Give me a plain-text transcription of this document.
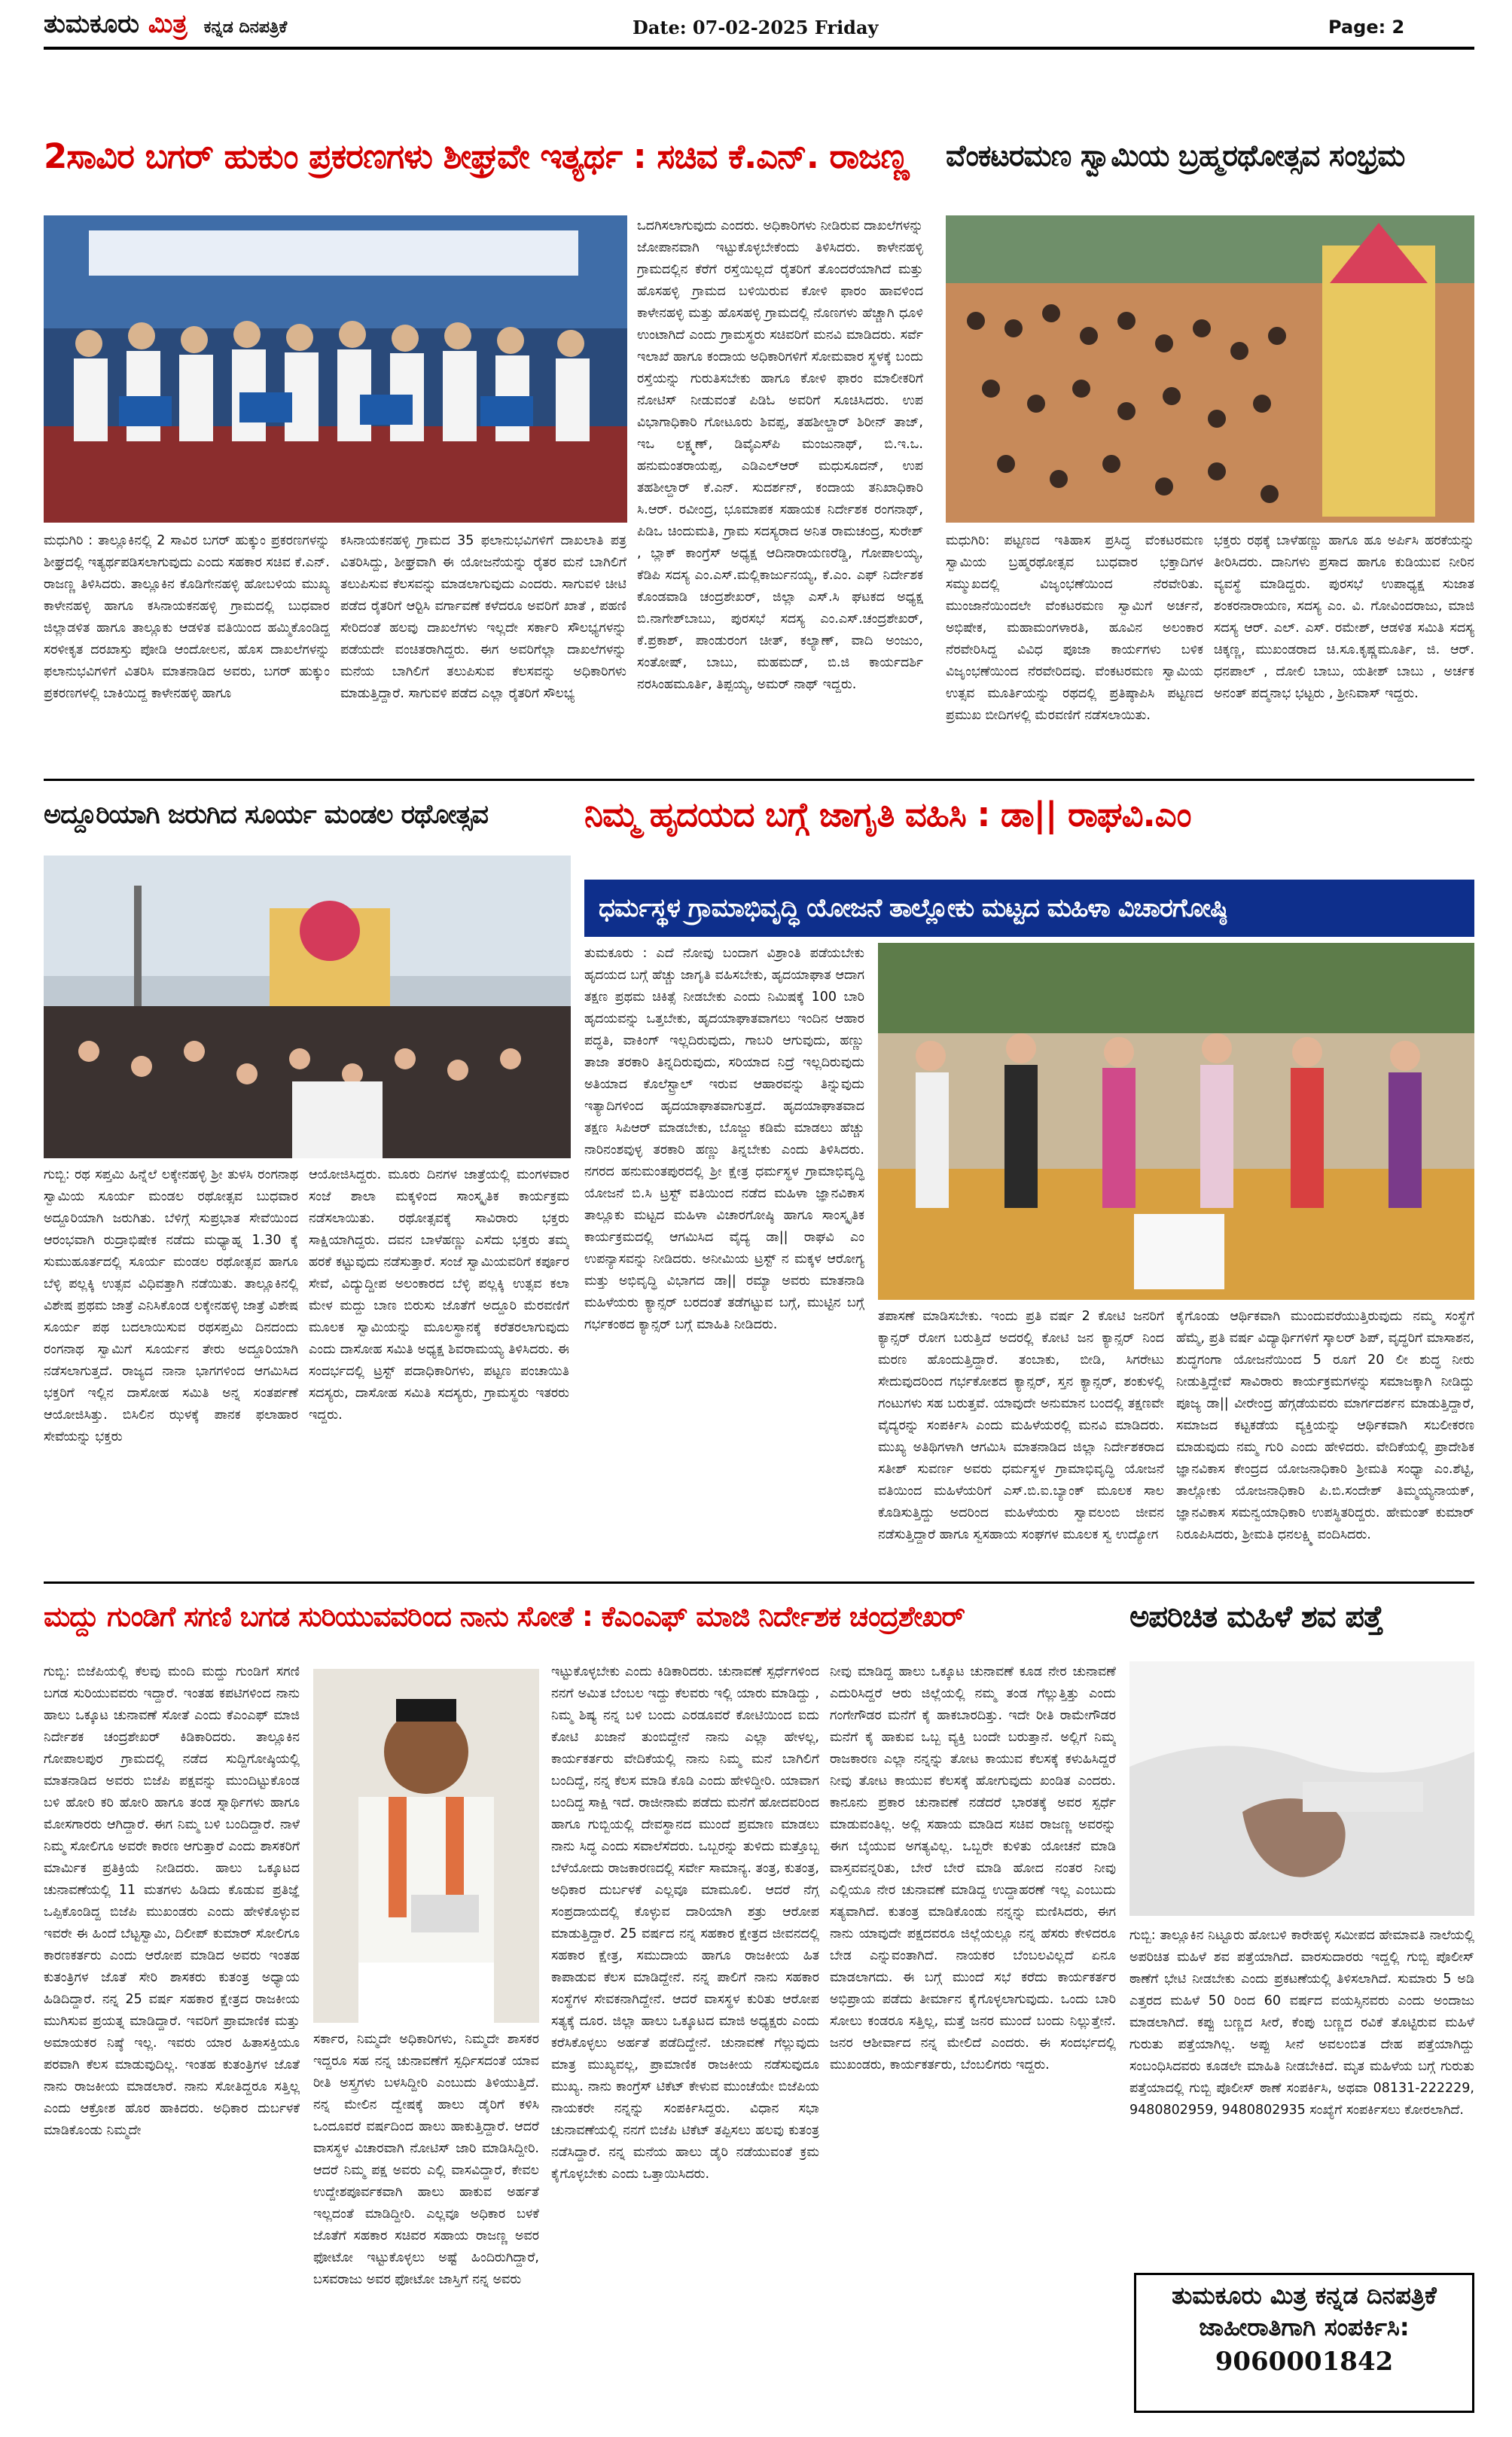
ತುಮಕೂರು ಮಿತ್ರ ಕನ್ನಡ ದಿನಪತ್ರಿಕೆ	Date: 07-02-2025 Friday	Page: 2
2ಸಾವಿರ ಬಗರ್ ಹುಕುಂ ಪ್ರಕರಣಗಳು ಶೀಘ್ರವೇ ಇತ್ಯರ್ಥ : ಸಚಿವ ಕೆ.ಎನ್. ರಾಜಣ್ಣ
ಮಧುಗಿರಿ : ತಾಲ್ಲೂಕಿನಲ್ಲಿ 2 ಸಾವಿರ ಬಗರ್ ಹುಕ್ಕುಂ ಪ್ರಕರಣಗಳನ್ನು ಶೀಘ್ರದಲ್ಲಿ ಇತ್ಯರ್ಥಪಡಿಸಲಾಗುವುದು ಎಂದು ಸಹಕಾರ ಸಚಿವ ಕೆ.ಎನ್. ರಾಜಣ್ಣ ತಿಳಿಸಿದರು. ತಾಲ್ಲೂಕಿನ ಕೊಡಿಗೇನಹಳ್ಳಿ ಹೋಬಳಿಯ ಮುಖ್ಯ ಕಾಳೇನಹಳ್ಳಿ ಹಾಗೂ ಕಸಿನಾಯಕನಹಳ್ಳಿ ಗ್ರಾಮದಲ್ಲಿ ಬುಧವಾರ ಜಿಲ್ಲಾಡಳಿತ ಹಾಗೂ ತಾಲ್ಲೂಕು ಆಡಳಿತ ವತಿಯಿಂದ ಹಮ್ಮಿಕೊಂಡಿದ್ದ ಸರಳೀಕೃತ ದರಖಾಸ್ತು ಪೋಡಿ ಆಂದೋಲನ, ಹೊಸ ದಾಖಲೆಗಳನ್ನು ಫಲಾನುಭವಿಗಳಿಗೆ ವಿತರಿಸಿ ಮಾತನಾಡಿದ ಅವರು, ಬಗರ್ ಹುಕ್ಕುಂ ಪ್ರಕರಣಗಳಲ್ಲಿ ಬಾಕಿಯಿದ್ದ ಕಾಳೇನಹಳ್ಳಿ ಹಾಗೂ
ಕಸಿನಾಯಕನಹಳ್ಳಿ ಗ್ರಾಮದ 35 ಫಲಾನುಭವಿಗಳಿಗೆ ದಾಖಲಾತಿ ಪತ್ರ ವಿತರಿಸಿದ್ದು, ಶೀಘ್ರವಾಗಿ ಈ ಯೋಜನೆಯನ್ನು ರೈತರ ಮನೆ ಬಾಗಿಲಿಗೆ ತಲುಪಿಸುವ ಕೆಲಸವನ್ನು ಮಾಡಲಾಗುವುದು ಎಂದರು. ಸಾಗುವಳಿ ಚೀಟಿ ಪಡೆದ ರೈತರಿಗೆ ಆರ್‍ಟಿಸಿ ವರ್ಗಾವಣೆ ಕಳೆದರೂ ಅವರಿಗೆ ಖಾತೆ , ಪಹಣಿ ಸೇರಿದಂತೆ ಹಲವು ದಾಖಲೆಗಳು ಇಲ್ಲದೇ ಸರ್ಕಾರಿ ಸೌಲಭ್ಯಗಳನ್ನು ಪಡೆಯದೇ ವಂಚಿತರಾಗಿದ್ದರು. ಈಗ ಅವರಿಗೆಲ್ಲಾ ದಾಖಲೆಗಳನ್ನು ಮನೆಯ ಬಾಗಿಲಿಗೆ ತಲುಪಿಸುವ ಕೆಲಸವನ್ನು ಅಧಿಕಾರಿಗಳು ಮಾಡುತ್ತಿದ್ದಾರೆ. ಸಾಗುವಳಿ ಪಡೆದ ಎಲ್ಲಾ ರೈತರಿಗೆ ಸೌಲಭ್ಯ
ಒದಗಿಸಲಾಗುವುದು ಎಂದರು. ಅಧಿಕಾರಿಗಳು ನೀಡಿರುವ ದಾಖಲೆಗಳನ್ನು ಜೋಪಾನವಾಗಿ ಇಟ್ಟುಕೊಳ್ಳಬೇಕೆಂದು ತಿಳಿಸಿದರು. ಕಾಳೇನಹಳ್ಳಿ ಗ್ರಾಮದಲ್ಲಿನ ಕೆರೆಗೆ ರಸ್ತೆಯಿಲ್ಲದೆ ರೈತರಿಗೆ ತೊಂದರೆಯಾಗಿದೆ ಮತ್ತು ಹೊಸಹಳ್ಳಿ ಗ್ರಾಮದ ಬಳಿಯಿರುವ ಕೋಳಿ ಫಾರಂ ಹಾವಳಿಂದ ಕಾಳೇನಹಳ್ಳಿ ಮತ್ತು ಹೊಸಹಳ್ಳಿ ಗ್ರಾಮದಲ್ಲಿ ನೊಣಗಳು ಹೆಚ್ಚಾಗಿ ಧೂಳಿ ಉಂಟಾಗಿದೆ ಎಂದು ಗ್ರಾಮಸ್ಥರು ಸಚಿವರಿಗೆ ಮನವಿ ಮಾಡಿದರು. ಸರ್ವೆ ಇಲಾಖೆ ಹಾಗೂ ಕಂದಾಯ ಅಧಿಕಾರಿಗಳಿಗೆ ಸೋಮವಾರ ಸ್ಥಳಕ್ಕೆ ಬಂದು ರಸ್ತೆಯನ್ನು ಗುರುತಿಸಬೇಕು ಹಾಗೂ ಕೋಳಿ ಫಾರಂ ಮಾಲೀಕರಿಗೆ ನೋಟಿಸ್ ನೀಡುವಂತೆ ಪಿಡಿಓ ಅವರಿಗೆ ಸೂಚಿಸಿದರು. ಉಪ ವಿಭಾಗಾಧಿಕಾರಿ ಗೋಟೂರು ಶಿವಪ್ಪ, ತಹಶೀಲ್ದಾರ್ ಶಿರೀನ್ ತಾಜ್, ಇಒ ಲಕ್ಷ್ಮಣ್, ಡಿವೈಎಸ್‍ಪಿ ಮಂಜುನಾಥ್, ಬಿ.ಇ.ಒ. ಹನುಮಂತರಾಯಪ್ಪ, ಎಡಿಎಲ್‍ಆರ್ ಮಧುಸೂದನ್, ಉಪ ತಹಶೀಲ್ದಾರ್ ಕೆ.ಎನ್. ಸುದರ್ಶನ್, ಕಂದಾಯ ತನಿಖಾಧಿಕಾರಿ ಸಿ.ಆರ್. ರವೀಂದ್ರ, ಭೂಮಾಪಕ ಸಹಾಯಕ ನಿರ್ದೇಶಕ ರಂಗನಾಥ್, ಪಿಡಿಒ ಚಿಂದುಮತಿ, ಗ್ರಾಮ ಸದಸ್ಯರಾದ ಅನಿತ ರಾಮಚಂದ್ರ, ಸುರೇಶ್ , ಬ್ಲಾಕ್ ಕಾಂಗ್ರೆಸ್ ಅಧ್ಯಕ್ಷ ಆದಿನಾರಾಯಣರೆಡ್ಡಿ, ಗೋಪಾಲಯ್ಯ, ಕೆಡಿಪಿ ಸದಸ್ಯ ಎಂ.ಎಸ್.ಮಲ್ಲಿಕಾರ್ಜುನಯ್ಯ, ಕೆ.ಎಂ. ಎಫ್ ನಿರ್ದೇಶಕ ಕೊಂಡವಾಡಿ ಚಂದ್ರಶೇಖರ್, ಜಿಲ್ಲಾ ಎಸ್.ಸಿ ಘಟಕದ ಅಧ್ಯಕ್ಷ ಬಿ.ನಾಗೇಶ್‍ಬಾಬು, ಪುರಸಭೆ ಸದಸ್ಯ ಎಂ.ಎಸ್.ಚಂದ್ರಶೇಖರ್, ಕೆ.ಪ್ರಕಾಶ್, ಪಾಂಡುರಂಗ ಚೀತ್, ಕಲ್ಯಾಣ್, ವಾದಿ ಅಂಜುಂ, ಸಂತೋಷ್, ಬಾಬು, ಮಹಮದ್, ಬಿ.ಜಿ ಕಾರ್ಯದರ್ಶಿ ನರಸಿಂಹಮೂರ್ತಿ, ತಿಪ್ಪಯ್ಯ, ಅಮರ್ ನಾಥ್ ಇದ್ದರು.
ವೆಂಕಟರಮಣ ಸ್ವಾಮಿಯ ಬ್ರಹ್ಮರಥೋತ್ಸವ ಸಂಭ್ರಮ
ಮಧುಗಿರಿ: ಪಟ್ಟಣದ ಇತಿಹಾಸ ಪ್ರಸಿದ್ಧ ವೆಂಕಟರಮಣ ಸ್ವಾಮಿಯ ಬ್ರಹ್ಮರಥೋತ್ಸವ ಬುಧವಾರ ಭಕ್ತಾದಿಗಳ ಸಮ್ಮುಖದಲ್ಲಿ ವಿಜೃಂಭಣೆಯಿಂದ ನೆರವೇರಿತು. ಮುಂಜಾನೆಯಿಂದಲೇ ವೆಂಕಟರಮಣ ಸ್ವಾಮಿಗೆ ಅರ್ಚನೆ, ಅಭಿಷೇಕ, ಮಹಾಮಂಗಳಾರತಿ, ಹೂವಿನ ಅಲಂಕಾರ ನೆರವೇರಿಸಿದ್ದ ವಿವಿಧ ಪೂಜಾ ಕಾರ್ಯಗಳು ಬಳಿಕ ವಿಜೃಂಭಣೆಯಿಂದ ನೆರವೇರಿದವು. ವೆಂಕಟರಮಣ ಸ್ವಾಮಿಯ ಉತ್ಸವ ಮೂರ್ತಿಯನ್ನು ರಥದಲ್ಲಿ ಪ್ರತಿಷ್ಠಾಪಿಸಿ ಪಟ್ಟಣದ ಪ್ರಮುಖ ಬೀದಿಗಳಲ್ಲಿ ಮೆರವಣಿಗೆ ನಡೆಸಲಾಯಿತು.
ಭಕ್ತರು ರಥಕ್ಕೆ ಬಾಳೆಹಣ್ಣು ಹಾಗೂ ಹೂ ಅರ್ಪಿಸಿ ಹರಕೆಯನ್ನು ತೀರಿಸಿದರು. ದಾನಿಗಳು ಪ್ರಸಾದ ಹಾಗೂ ಕುಡಿಯುವ ನೀರಿನ ವ್ಯವಸ್ಥೆ ಮಾಡಿದ್ದರು. ಪುರಸಭೆ ಉಪಾಧ್ಯಕ್ಷ ಸುಜಾತ ಶಂಕರನಾರಾಯಣ, ಸದಸ್ಯ ಎಂ. ವಿ. ಗೋವಿಂದರಾಜು, ಮಾಜಿ ಸದಸ್ಯ ಆರ್. ಎಲ್. ಎಸ್. ರಮೇಶ್, ಆಡಳಿತ ಸಮಿತಿ ಸದಸ್ಯ ಚಿಕ್ಕಣ್ಣ, ಮುಖಂಡರಾದ ಚಿ.ಸೂ.ಕೃಷ್ಣಮೂರ್ತಿ, ಜಿ. ಆರ್. ಧನಪಾಲ್ , ದೋಲಿ ಬಾಬು, ಯತೀಶ್ ಬಾಬು , ಅರ್ಚಕ ಅನಂತ್ ಪದ್ಮನಾಭ ಭಟ್ಟರು , ಶ್ರೀನಿವಾಸ್ ಇದ್ದರು.
ಅದ್ದೂರಿಯಾಗಿ ಜರುಗಿದ ಸೂರ್ಯ ಮಂಡಲ ರಥೋತ್ಸವ
ಗುಬ್ಬಿ: ರಥ ಸಪ್ತಮಿ ಹಿನ್ನೆಲೆ ಲಕ್ಕೇನಹಳ್ಳಿ ಶ್ರೀ ತುಳಸಿ ರಂಗನಾಥ ಸ್ವಾಮಿಯ ಸೂರ್ಯ ಮಂಡಲ ರಥೋತ್ಸವ ಬುಧವಾರ ಅದ್ದೂರಿಯಾಗಿ ಜರುಗಿತು. ಬೆಳಿಗ್ಗೆ ಸುಪ್ರಭಾತ ಸೇವೆಯಿಂದ ಆರಂಭವಾಗಿ ರುದ್ರಾಭಿಷೇಕ ನಡೆದು ಮಧ್ಯಾಹ್ನ 1.30 ಕ್ಕೆ ಸುಮುಹೂರ್ತದಲ್ಲಿ ಸೂರ್ಯ ಮಂಡಲ ರಥೋತ್ಸವ ಹಾಗೂ ಬೆಳ್ಳಿ ಪಲ್ಲಕ್ಕಿ ಉತ್ಸವ ವಿಧಿವತ್ತಾಗಿ ನಡೆಯಿತು. ತಾಲ್ಲೂಕಿನಲ್ಲಿ ವಿಶೇಷ ಪ್ರಥಮ ಜಾತ್ರೆ ಎನಿಸಿಕೊಂಡ ಲಕ್ಕೇನಹಳ್ಳಿ ಜಾತ್ರೆ ವಿಶೇಷ ಸೂರ್ಯ ಪಥ ಬದಲಾಯಿಸುವ ರಥಸಪ್ತಮಿ ದಿನದಂದು ರಂಗನಾಥ ಸ್ವಾಮಿಗೆ ಸೂರ್ಯನ ತೇರು ಅದ್ದೂರಿಯಾಗಿ ನಡೆಸಲಾಗುತ್ತದೆ. ರಾಜ್ಯದ ನಾನಾ ಭಾಗಗಳಿಂದ ಆಗಮಿಸಿದ ಭಕ್ತರಿಗೆ ಇಲ್ಲಿನ ದಾಸೋಹ ಸಮಿತಿ ಅನ್ನ ಸಂತರ್ಪಣೆ ಆಯೋಜಿಸಿತ್ತು. ಬಿಸಿಲಿನ ಝಳಕ್ಕೆ ಪಾನಕ ಫಲಾಹಾರ ಸೇವೆಯನ್ನು ಭಕ್ತರು
ಆಯೋಜಿಸಿದ್ದರು. ಮೂರು ದಿನಗಳ ಜಾತ್ರೆಯಲ್ಲಿ ಮಂಗಳವಾರ ಸಂಜೆ ಶಾಲಾ ಮಕ್ಕಳಿಂದ ಸಾಂಸ್ಕೃತಿಕ ಕಾರ್ಯಕ್ರಮ ನಡೆಸಲಾಯಿತು. ರಥೋತ್ಸವಕ್ಕೆ ಸಾವಿರಾರು ಭಕ್ತರು ಸಾಕ್ಷಿಯಾಗಿದ್ದರು. ದವನ ಬಾಳೆಹಣ್ಣು ಎಸೆದು ಭಕ್ತರು ತಮ್ಮ ಹರಕೆ ಕಟ್ಟುವುದು ನಡೆಸುತ್ತಾರೆ. ಸಂಜೆ ಸ್ವಾಮಿಯವರಿಗೆ ಕರ್ಪೂರ ಸೇವೆ, ವಿದ್ಯುದ್ದೀಪ ಅಲಂಕಾರದ ಬೆಳ್ಳಿ ಪಲ್ಲಕ್ಕಿ ಉತ್ಸವ ಕಲಾ ಮೇಳ ಮದ್ದು ಬಾಣ ಬಿರುಸು ಜೊತೆಗೆ ಅದ್ದೂರಿ ಮೆರವಣಿಗೆ ಮೂಲಕ ಸ್ವಾಮಿಯನ್ನು ಮೂಲಸ್ಥಾನಕ್ಕೆ ಕರೆತರಲಾಗುವುದು ಎಂದು ದಾಸೋಹ ಸಮಿತಿ ಅಧ್ಯಕ್ಷ ಶಿವರಾಮಯ್ಯ ತಿಳಿಸಿದರು. ಈ ಸಂದರ್ಭದಲ್ಲಿ ಟ್ರಸ್ಟ್ ಪದಾಧಿಕಾರಿಗಳು, ಪಟ್ಟಣ ಪಂಚಾಯಿತಿ ಸದಸ್ಯರು, ದಾಸೋಹ ಸಮಿತಿ ಸದಸ್ಯರು, ಗ್ರಾಮಸ್ಥರು ಇತರರು ಇದ್ದರು.
ನಿಮ್ಮ ಹೃದಯದ ಬಗ್ಗೆ ಜಾಗೃತಿ ವಹಿಸಿ : ಡಾ|| ರಾಘವಿ.ಎಂ
ಧರ್ಮಸ್ಥಳ ಗ್ರಾಮಾಭಿವೃದ್ಧಿ ಯೋಜನೆ ತಾಲ್ಲೋಕು ಮಟ್ಟದ ಮಹಿಳಾ ವಿಚಾರಗೋಷ್ಠಿ
ತುಮಕೂರು : ಎದೆ ನೋವು ಬಂದಾಗ ವಿಶ್ರಾಂತಿ ಪಡೆಯಬೇಕು ಹೃದಯದ ಬಗ್ಗೆ ಹೆಚ್ಚು ಜಾಗೃತಿ ವಹಿಸಬೇಕು, ಹೃದಯಾಘಾತ ಆದಾಗ ತಕ್ಷಣ ಪ್ರಥಮ ಚಿಕಿತ್ಸೆ ನೀಡಬೇಕು ಎಂದು ನಿಮಿಷಕ್ಕೆ 100 ಬಾರಿ ಹೃದಯವನ್ನು ಒತ್ತಬೇಕು, ಹೃದಯಾಘಾತವಾಗಲು ಇಂದಿನ ಆಹಾರ ಪದ್ಧತಿ, ವಾಕಿಂಗ್ ಇಲ್ಲದಿರುವುದು, ಗಾಬರಿ ಆಗುವುದು, ಹಣ್ಣು ತಾಜಾ ತರಕಾರಿ ತಿನ್ನದಿರುವುದು, ಸರಿಯಾದ ನಿದ್ರೆ ಇಲ್ಲದಿರುವುದು ಅತಿಯಾದ ಕೊಲೆಸ್ಟ್ರಾಲ್ ಇರುವ ಆಹಾರವನ್ನು ತಿನ್ನುವುದು ಇತ್ಯಾದಿಗಳಿಂದ ಹೃದಯಾಘಾತವಾಗುತ್ತದೆ. ಹೃದಯಾಘಾತವಾದ ತಕ್ಷಣ ಸಿಪಿಆರ್ ಮಾಡಬೇಕು, ಬೊಜ್ಜು ಕಡಿಮೆ ಮಾಡಲು ಹೆಚ್ಚು ನಾರಿನಂಶವುಳ್ಳ ತರಕಾರಿ ಹಣ್ಣು ತಿನ್ನಬೇಕು ಎಂದು ತಿಳಿಸಿದರು. ನಗರದ ಹನುಮಂತಪುರದಲ್ಲಿ ಶ್ರೀ ಕ್ಷೇತ್ರ ಧರ್ಮಸ್ಥಳ ಗ್ರಾಮಾಭಿವೃದ್ಧಿ ಯೋಜನೆ ಬಿ.ಸಿ ಟ್ರಸ್ಟ್ ವತಿಯಿಂದ ನಡೆದ ಮಹಿಳಾ ಜ್ಞಾನವಿಕಾಸ ತಾಲ್ಲೂಕು ಮಟ್ಟದ ಮಹಿಳಾ ವಿಚಾರಗೋಷ್ಠಿ ಹಾಗೂ ಸಾಂಸ್ಕೃತಿಕ ಕಾರ್ಯಕ್ರಮದಲ್ಲಿ ಆಗಮಿಸಿದ ವೈದ್ಯ ಡಾ|| ರಾಘವಿ ಎಂ ಉಪನ್ಯಾಸವನ್ನು ನೀಡಿದರು. ಅನೀಮಿಯ ಟ್ರಸ್ಟ್ ನ ಮಕ್ಕಳ ಆರೋಗ್ಯ ಮತ್ತು ಅಭಿವೃದ್ಧಿ ವಿಭಾಗದ ಡಾ|| ರಮ್ಯಾ ಅವರು ಮಾತನಾಡಿ ಮಹಿಳೆಯರು ಕ್ಯಾನ್ಸರ್ ಬರದಂತೆ ತಡೆಗಟ್ಟುವ ಬಗ್ಗೆ, ಮುಟ್ಟಿನ ಬಗ್ಗೆ ಗರ್ಭಕಂಠದ ಕ್ಯಾನ್ಸರ್ ಬಗ್ಗೆ ಮಾಹಿತಿ ನೀಡಿದರು.
ತಪಾಸಣೆ ಮಾಡಿಸಬೇಕು. ಇಂದು ಪ್ರತಿ ವರ್ಷ 2 ಕೋಟಿ ಜನರಿಗೆ ಕ್ಯಾನ್ಸರ್ ರೋಗ ಬರುತ್ತಿದೆ ಅದರಲ್ಲಿ ಕೋಟಿ ಜನ ಕ್ಯಾನ್ಸರ್ ನಿಂದ ಮರಣ ಹೊಂದುತ್ತಿದ್ದಾರೆ. ತಂಬಾಕು, ಬೀಡಿ, ಸಿಗರೇಟು ಸೇದುವುದರಿಂದ ಗರ್ಭಕೋಶದ ಕ್ಯಾನ್ಸರ್, ಸ್ತನ ಕ್ಯಾನ್ಸರ್, ಶಂಕುಳಲ್ಲಿ ಗಂಟುಗಳು ಸಹ ಬರುತ್ತವೆ. ಯಾವುದೇ ಅನುಮಾನ ಬಂದಲ್ಲಿ ತಕ್ಷಣವೇ ವೈದ್ಯರನ್ನು ಸಂಪರ್ಕಿಸಿ ಎಂದು ಮಹಿಳೆಯರಲ್ಲಿ ಮನವಿ ಮಾಡಿದರು. ಮುಖ್ಯ ಅತಿಥಿಗಳಾಗಿ ಆಗಮಿಸಿ ಮಾತನಾಡಿದ ಜಿಲ್ಲಾ ನಿರ್ದೇಶಕರಾದ ಸತೀಶ್ ಸುವರ್ಣ ಅವರು ಧರ್ಮಸ್ಥಳ ಗ್ರಾಮಾಭಿವೃದ್ಧಿ ಯೋಜನೆ ವತಿಯಿಂದ ಮಹಿಳೆಯರಿಗೆ ಎಸ್.ಬಿ.ಐ.ಬ್ಯಾಂಕ್ ಮೂಲಕ ಸಾಲ ಕೊಡಿಸುತ್ತಿದ್ದು ಅದರಿಂದ ಮಹಿಳೆಯರು ಸ್ವಾವಲಂಬಿ ಜೀವನ ನಡೆಸುತ್ತಿದ್ದಾರೆ ಹಾಗೂ ಸ್ವಸಹಾಯ ಸಂಘಗಳ ಮೂಲಕ ಸ್ವ ಉದ್ಯೋಗ
ಕೈಗೊಂಡು ಆರ್ಥಿಕವಾಗಿ ಮುಂದುವರೆಯುತ್ತಿರುವುದು ನಮ್ಮ ಸಂಸ್ಥೆಗೆ ಹೆಮ್ಮೆ, ಪ್ರತಿ ವರ್ಷ ವಿದ್ಯಾರ್ಥಿಗಳಿಗೆ ಸ್ಕಾಲರ್ ಶಿಪ್, ವೃದ್ಧರಿಗೆ ಮಾಸಾಶನ, ಶುದ್ಧಗಂಗಾ ಯೋಜನೆಯಿಂದ 5 ರೂಗೆ 20 ಲೀ ಶುದ್ಧ ನೀರು ನೀಡುತ್ತಿದ್ದೇವೆ ಸಾವಿರಾರು ಕಾರ್ಯಕ್ರಮಗಳನ್ನು ಸಮಾಜಕ್ಕಾಗಿ ನೀಡಿದ್ದು ಪೂಜ್ಯ ಡಾ|| ವೀರೇಂದ್ರ ಹೆಗ್ಗಡೆಯವರು ಮಾರ್ಗದರ್ಶನ ಮಾಡುತ್ತಿದ್ದಾರೆ, ಸಮಾಜದ ಕಟ್ಟಕಡೆಯ ವ್ಯಕ್ತಿಯನ್ನು ಆರ್ಥಿಕವಾಗಿ ಸಬಲೀಕರಣ ಮಾಡುವುದು ನಮ್ಮ ಗುರಿ ಎಂದು ಹೇಳಿದರು. ವೇದಿಕೆಯಲ್ಲಿ ಪ್ರಾದೇಶಿಕ ಜ್ಞಾನವಿಕಾಸ ಕೇಂದ್ರದ ಯೋಜನಾಧಿಕಾರಿ ಶ್ರೀಮತಿ ಸಂಧ್ಯಾ ಎಂ.ಶೆಟ್ಟಿ, ತಾಲ್ಲೋಕು ಯೋಜನಾಧಿಕಾರಿ ಪಿ.ಬಿ.ಸಂದೇಶ್ ತಿಮ್ಮಯ್ಯನಾಯಕ್, ಜ್ಞಾನವಿಕಾಸ ಸಮನ್ವಯಾಧಿಕಾರಿ ಉಪಸ್ಥಿತರಿದ್ದರು. ಹೇಮಂತ್ ಕುಮಾರ್ ನಿರೂಪಿಸಿದರು, ಶ್ರೀಮತಿ ಧನಲಕ್ಷ್ಮಿ ವಂದಿಸಿದರು.
ಮದ್ದು ಗುಂಡಿಗೆ ಸಗಣಿ ಬಗಡ ಸುರಿಯುವವರಿಂದ ನಾನು ಸೋತೆ : ಕೆಎಂಎಫ್ ಮಾಜಿ ನಿರ್ದೇಶಕ ಚಂದ್ರಶೇಖರ್
ಗುಬ್ಬಿ: ಬಿಜೆಪಿಯಲ್ಲಿ ಕೆಲವು ಮಂದಿ ಮದ್ದು ಗುಂಡಿಗೆ ಸಗಣಿ ಬಗಡ ಸುರಿಯುವವರು ಇದ್ದಾರೆ. ಇಂತಹ ಕಪಟಿಗಳಿಂದ ನಾನು ಹಾಲು ಒಕ್ಕೂಟ ಚುನಾವಣೆ ಸೋತೆ ಎಂದು ಕೆಎಂಎಫ್ ಮಾಜಿ ನಿರ್ದೇಶಕ ಚಂದ್ರಶೇಖರ್ ಕಿಡಿಕಾರಿದರು. ತಾಲ್ಲೂಕಿನ ಗೋಪಾಲಪುರ ಗ್ರಾಮದಲ್ಲಿ ನಡೆದ ಸುದ್ದಿಗೋಷ್ಠಿಯಲ್ಲಿ ಮಾತನಾಡಿದ ಅವರು ಬಿಜೆಪಿ ಪಕ್ಷವನ್ನು ಮುಂದಿಟ್ಟುಕೊಂಡ ಬಳಿ ಹೋರಿ ಕರಿ ಹೋರಿ ಹಾಗೂ ತಂಡ ಸ್ನಾರ್ಥಿಗಳು ಹಾಗೂ ಮೋಸಗಾರರು ಆಗಿದ್ದಾರೆ. ಈಗ ನಿಮ್ಮ ಬಳಿ ಬಂದಿದ್ದಾರೆ. ನಾಳೆ ನಿಮ್ಮ ಸೋಲಿಗೂ ಅವರೇ ಕಾರಣ ಆಗುತ್ತಾರೆ ಎಂದು ಶಾಸಕರಿಗೆ ಮಾರ್ಮಿಕ ಪ್ರತಿಕ್ರಿಯೆ ನೀಡಿದರು. ಹಾಲು ಒಕ್ಕೂಟದ ಚುನಾವಣೆಯಲ್ಲಿ 11 ಮತಗಳು ಹಿಡಿದು ಕೊಡುವ ಪ್ರತಿಜ್ಞೆ ಒಪ್ಪಿಕೊಂಡಿದ್ದ ಬಿಜೆಪಿ ಮುಖಂಡರು ಎಂದು ಹೇಳಿಕೊಳ್ಳುವ ಇವರೇ ಈ ಹಿಂದೆ ಬೆಟ್ಟಸ್ವಾಮಿ, ದಿಲೀಪ್ ಕುಮಾರ್ ಸೋಲಿಗೂ ಕಾರಣಕರ್ತರು ಎಂದು ಆರೋಪ ಮಾಡಿದ ಅವರು ಇಂತಹ ಕುತಂತ್ರಿಗಳ ಜೊತೆ ಸೇರಿ ಶಾಸಕರು ಕುತಂತ್ರ ಅಧ್ಯಾಯ ಹಿಡಿದಿದ್ದಾರೆ. ನನ್ನ 25 ವರ್ಷ ಸಹಕಾರ ಕ್ಷೇತ್ರದ ರಾಜಕೀಯ ಮುಗಿಸುವ ಪ್ರಯತ್ನ ಮಾಡಿದ್ದಾರೆ. ಇವರಿಗೆ ಪ್ರಾಮಾಣಿಕ ಮತ್ತು ಅಮಾಯಕರ ನಿಷ್ಠೆ ಇಲ್ಲ. ಇವರು ಯಾರ ಹಿತಾಸಕ್ತಿಯೂ ಪರವಾಗಿ ಕೆಲಸ ಮಾಡುವುದಿಲ್ಲ. ಇಂತಹ ಕುತಂತ್ರಿಗಳ ಜೊತೆ ನಾನು ರಾಜಕೀಯ ಮಾಡಲಾರೆ. ನಾನು ಸೋತಿದ್ದರೂ ಸತ್ತಿಲ್ಲ ಎಂದು ಆಕ್ರೋಶ ಹೊರ ಹಾಕಿದರು. ಅಧಿಕಾರ ದುರ್ಬಳಕೆ ಮಾಡಿಕೊಂಡು ನಿಮ್ಮದೇ
ಸರ್ಕಾರ, ನಿಮ್ಮದೇ ಅಧಿಕಾರಿಗಳು, ನಿಮ್ಮದೇ ಶಾಸಕರ ಇದ್ದರೂ ಸಹ ನನ್ನ ಚುನಾವಣೆಗೆ ಸ್ಪರ್ಧಿಸದಂತೆ ಯಾವ ರೀತಿ ಅಸ್ತ್ರಗಳು ಬಳಸಿದ್ದೀರಿ ಎಂಬುದು ತಿಳಿಯುತ್ತಿದೆ. ನನ್ನ ಮೇಲಿನ ದ್ವೇಷಕ್ಕೆ ಹಾಲು ಡೈರಿಗೆ ಕಳಿಸಿ ಒಂದೂವರೆ ವರ್ಷದಿಂದ ಹಾಲು ಹಾಕುತ್ತಿದ್ದಾರೆ. ಆದರೆ ವಾಸಸ್ಥಳ ವಿಚಾರವಾಗಿ ನೋಟಿಸ್ ಜಾರಿ ಮಾಡಿಸಿದ್ದೀರಿ. ಆದರೆ ನಿಮ್ಮ ಪಕ್ಷ ಅವರು ಎಲ್ಲಿ ವಾಸವಿದ್ದಾರೆ, ಕೇವಲ ಉದ್ದೇಶಪೂರ್ವಕವಾಗಿ ಹಾಲು ಹಾಕುವ ಅರ್ಹತೆ ಇಲ್ಲದಂತೆ ಮಾಡಿದ್ದೀರಿ. ಎಲ್ಲವೂ ಅಧಿಕಾರ ಬಳಕೆ ಜೊತೆಗೆ ಸಹಕಾರ ಸಚಿವರ ಸಹಾಯ ರಾಜಣ್ಣ ಅವರ ಫೋಟೋ ಇಟ್ಟುಕೊಳ್ಳಲು ಅಷ್ಟೆ ಹಿಂದಿರುಗಿದ್ದಾರೆ, ಬಸವರಾಜು ಅವರ ಫೋಟೋ ಜಾಸ್ತಿಗೆ ನನ್ನ ಅವರು
ಇಟ್ಟುಕೊಳ್ಳಬೇಕು ಎಂದು ಕಿಡಿಕಾರಿದರು. ಚುನಾವಣೆ ಸ್ಪರ್ಧೆಗಳಿಂದ ನನಗೆ ಅಮಿತ ಬೆಂಬಲ ಇದ್ದು ಕೆಲವರು ಇಲ್ಲಿ ಯಾರು ಮಾಡಿದ್ದು , ನಿಮ್ಮ ಶಿಷ್ಯ ನನ್ನ ಬಳಿ ಬಂದು ಎರಡೂವರೆ ಕೋಟಿಯಿಂದ ಐದು ಕೋಟಿ ಖಜಾನೆ ತುಂಬಿದ್ದೇನೆ ನಾನು ಎಲ್ಲಾ ಹೇಳಲ್ಲ, ಕಾರ್ಯಕರ್ತರು ವೇದಿಕೆಯಲ್ಲಿ ನಾನು ನಿಮ್ಮ ಮನೆ ಬಾಗಿಲಿಗೆ ಬಂದಿದ್ದೆ, ನನ್ನ ಕೆಲಸ ಮಾಡಿ ಕೊಡಿ ಎಂದು ಹೇಳಿದ್ದೀರಿ. ಯಾವಾಗ ಬಂದಿದ್ದ ಸಾಕ್ಷಿ ಇದೆ. ರಾಜೀನಾಮೆ ಪಡೆದು ಮನೆಗೆ ಹೋದವರಿಂದ ಹಾಗೂ ಗುಬ್ಬಿಯಲ್ಲಿ ದೇವಸ್ಥಾನದ ಮುಂದೆ ಪ್ರಮಾಣ ಮಾಡಲು ನಾನು ಸಿದ್ಧ ಎಂದು ಸವಾಲೆಸೆದರು. ಒಬ್ಬರನ್ನು ತುಳಿದು ಮತ್ತೊಬ್ಬ ಬೆಳೆಯೋದು ರಾಜಕಾರಣದಲ್ಲಿ ಸರ್ವೇ ಸಾಮಾನ್ಯ. ತಂತ್ರ, ಕುತಂತ್ರ, ಅಧಿಕಾರ ದುರ್ಬಳಕೆ ಎಲ್ಲವೂ ಮಾಮೂಲಿ. ಆದರೆ ನೆಗ್ಗ ಸಂಪ್ರದಾಯದಲ್ಲಿ ಕೊಳ್ಳುವ ದಾರಿಯಾಗಿ ಶತ್ರು ಆರೋಪ ಮಾಡುತ್ತಿದ್ದಾರೆ. 25 ವರ್ಷದ ನನ್ನ ಸಹಕಾರ ಕ್ಷೇತ್ರದ ಜೀವನದಲ್ಲಿ ಸಹಕಾರ ಕ್ಷೇತ್ರ, ಸಮುದಾಯ ಹಾಗೂ ರಾಜಕೀಯ ಹಿತ ಕಾಪಾಡುವ ಕೆಲಸ ಮಾಡಿದ್ದೇನೆ. ನನ್ನ ಪಾಲಿಗೆ ನಾನು ಸಹಕಾರ ಸಂಸ್ಥೆಗಳ ಸೇವಕನಾಗಿದ್ದೇನೆ. ಆದರೆ ವಾಸಸ್ಥಳ ಕುರಿತು ಆರೋಪ ಸತ್ಯಕ್ಕೆ ದೂರ. ಜಿಲ್ಲಾ ಹಾಲು ಒಕ್ಕೂಟದ ಮಾಜಿ ಅಧ್ಯಕ್ಷರು ಎಂದು ಕರೆಸಿಕೊಳ್ಳಲು ಅರ್ಹತೆ ಪಡೆದಿದ್ದೇನೆ. ಚುನಾವಣೆ ಗೆಲ್ಲುವುದು ಮಾತ್ರ ಮುಖ್ಯವಲ್ಲ, ಪ್ರಾಮಾಣಿಕ ರಾಜಕೀಯ ನಡೆಸುವುದೂ ಮುಖ್ಯ. ನಾನು ಕಾಂಗ್ರೆಸ್ ಟಿಕೆಟ್ ಕೇಳುವ ಮುಂಚೆಯೇ ಬಿಜೆಪಿಯ ನಾಯಕರೇ ನನ್ನನ್ನು ಸಂಪರ್ಕಿಸಿದ್ದರು. ವಿಧಾನ ಸಭಾ ಚುನಾವಣೆಯಲ್ಲಿ ನನಗೆ ಬಿಜೆಪಿ ಟಿಕೆಟ್ ತಪ್ಪಿಸಲು ಹಲವು ಕುತಂತ್ರ ನಡೆಸಿದ್ದಾರೆ. ನನ್ನ ಮನೆಯ ಹಾಲು ಡೈರಿ ನಡೆಯುವಂತೆ ಕ್ರಮ ಕೈಗೊಳ್ಳಬೇಕು ಎಂದು ಒತ್ತಾಯಿಸಿದರು.
ನೀವು ಮಾಡಿದ್ದ ಹಾಲು ಒಕ್ಕೂಟ ಚುನಾವಣೆ ಕೂಡ ನೇರ ಚುನಾವಣೆ ಎದುರಿಸಿದ್ದರೆ ಆರು ಜಿಲ್ಲೆಯಲ್ಲಿ ನಮ್ಮ ತಂಡ ಗೆಲ್ಲುತ್ತಿತ್ತು ಎಂದು ಗಂಗೇಗೌಡರ ಮನೆಗೆ ಕೈ ಹಾಕಬಾರದಿತ್ತು. ಇದೇ ರೀತಿ ರಾಮೇಗೌಡರ ಮನೆಗೆ ಕೈ ಹಾಕುವ ಒಬ್ಬ ವ್ಯಕ್ತಿ ಬಂದೇ ಬರುತ್ತಾನೆ. ಅಲ್ಲಿಗೆ ನಿಮ್ಮ ರಾಜಕಾರಣ ಎಲ್ಲಾ ನನ್ನನ್ನು ತೋಟ ಕಾಯುವ ಕೆಲಸಕ್ಕೆ ಕಳುಹಿಸಿದ್ದರೆ ನೀವು ತೋಟ ಕಾಯುವ ಕೆಲಸಕ್ಕೆ ಹೋಗುವುದು ಖಂಡಿತ ಎಂದರು. ಕಾನೂನು ಪ್ರಕಾರ ಚುನಾವಣೆ ನಡೆದರೆ ಭಾರತಕ್ಕೆ ಅವರ ಸ್ಪರ್ಧೆ ಮಾಡುವಂತಿಲ್ಲ. ಅಲ್ಲಿ ಸಹಾಯ ಮಾಡಿದ ಸಚಿವ ರಾಜಣ್ಣ ಅವರನ್ನು ಈಗ ಬೈಯುವ ಅಗತ್ಯವಿಲ್ಲ. ಒಬ್ಬರೇ ಕುಳಿತು ಯೋಚನೆ ಮಾಡಿ ವಾಸ್ತವವನ್ನರಿತು, ಬೇರೆ ಬೇರೆ ಮಾಡಿ ಹೋದ ನಂತರ ನೀವು ಎಲ್ಲಿಯೂ ನೇರ ಚುನಾವಣೆ ಮಾಡಿದ್ದ ಉದ್ದಾಹರಣೆ ಇಲ್ಲ ಎಂಬುದು ಸತ್ಯವಾಗಿದೆ. ಕುತಂತ್ರ ಮಾಡಿಕೊಂಡು ನನ್ನನ್ನು ಮಣಿಸಿದರು, ಈಗ ನಾನು ಯಾವುದೇ ಪಕ್ಷದವರೂ ಜಿಲ್ಲೆಯಲ್ಲೂ ನನ್ನ ಹೆಸರು ಕೇಳಿದರೂ ಬೇಡ ಎನ್ನುವಂತಾಗಿದೆ. ನಾಯಕರ ಬೆಂಬಲವಿಲ್ಲದೆ ಏನೂ ಮಾಡಲಾಗದು. ಈ ಬಗ್ಗೆ ಮುಂದೆ ಸಭೆ ಕರೆದು ಕಾರ್ಯಕರ್ತರ ಅಭಿಪ್ರಾಯ ಪಡೆದು ತೀರ್ಮಾನ ಕೈಗೊಳ್ಳಲಾಗುವುದು. ಒಂದು ಬಾರಿ ಸೋಲು ಕಂಡರೂ ಸತ್ತಿಲ್ಲ, ಮತ್ತೆ ಜನರ ಮುಂದೆ ಬಂದು ನಿಲ್ಲುತ್ತೇನೆ. ಜನರ ಆಶೀರ್ವಾದ ನನ್ನ ಮೇಲಿದೆ ಎಂದರು. ಈ ಸಂದರ್ಭದಲ್ಲಿ ಮುಖಂಡರು, ಕಾರ್ಯಕರ್ತರು, ಬೆಂಬಲಿಗರು ಇದ್ದರು.
ಅಪರಿಚಿತ ಮಹಿಳೆ ಶವ ಪತ್ತೆ
ಗುಬ್ಬಿ: ತಾಲ್ಲೂಕಿನ ನಿಟ್ಟೂರು ಹೋಬಳಿ ಕಾರೇಹಳ್ಳಿ ಸಮೀಪದ ಹೇಮಾವತಿ ನಾಲೆಯಲ್ಲಿ ಅಪರಿಚಿತ ಮಹಿಳೆ ಶವ ಪತ್ತೆಯಾಗಿದೆ. ವಾರಸುದಾರರು ಇದ್ದಲ್ಲಿ ಗುಬ್ಬಿ ಪೊಲೀಸ್ ಠಾಣೆಗೆ ಭೇಟಿ ನೀಡಬೇಕು ಎಂದು ಪ್ರಕಟಣೆಯಲ್ಲಿ ತಿಳಿಸಲಾಗಿದೆ. ಸುಮಾರು 5 ಅಡಿ ಎತ್ತರದ ಮಹಿಳೆ 50 ರಿಂದ 60 ವರ್ಷದ ವಯಸ್ಸಿನವರು ಎಂದು ಅಂದಾಜು ಮಾಡಲಾಗಿದೆ. ಕಪ್ಪು ಬಣ್ಣದ ಸೀರೆ, ಕೆಂಪು ಬಣ್ಣದ ರವಿಕೆ ತೊಟ್ಟಿರುವ ಮಹಿಳೆ ಗುರುತು ಪತ್ತೆಯಾಗಿಲ್ಲ. ಅಪ್ಪು ಸೀನೆ ಅವಲಂಬಿತ ದೇಹ ಪತ್ತೆಯಾಗಿದ್ದು ಸಂಬಂಧಿಸಿದವರು ಕೂಡಲೇ ಮಾಹಿತಿ ನೀಡಬೇಕಿದೆ. ಮೃತ ಮಹಿಳೆಯ ಬಗ್ಗೆ ಗುರುತು ಪತ್ತೆಯಾದಲ್ಲಿ ಗುಬ್ಬಿ ಪೊಲೀಸ್ ಠಾಣೆ ಸಂಪರ್ಕಿಸಿ, ಅಥವಾ 08131-222229, 9480802959, 9480802935 ಸಂಖ್ಯೆಗೆ ಸಂಪರ್ಕಿಸಲು ಕೋರಲಾಗಿದೆ.
ತುಮಕೂರು ಮಿತ್ರ ಕನ್ನಡ ದಿನಪತ್ರಿಕೆ
ಜಾಹೀರಾತಿಗಾಗಿ ಸಂಪರ್ಕಿಸಿ:
9060001842
